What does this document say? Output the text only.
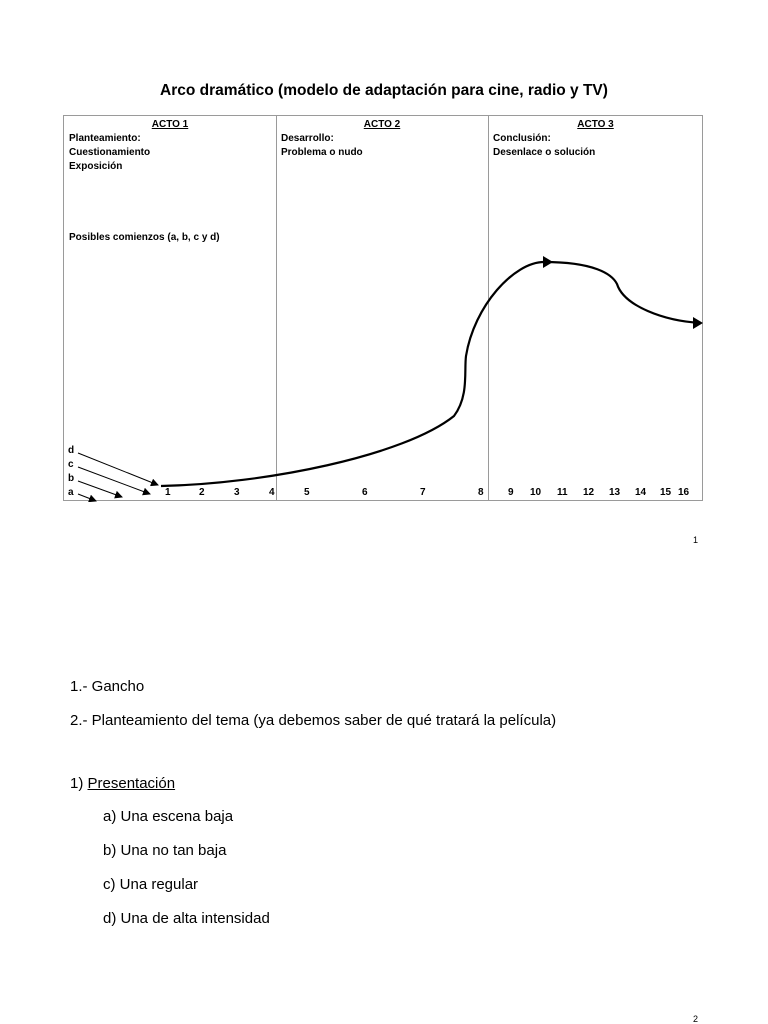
Arco dramático (modelo de adaptación para cine, radio y TV)
ACTO 1
Planteamiento:
Cuestionamiento
Exposición
ACTO 2
Desarrollo:
Problema o nudo
ACTO 3
Conclusión:
Desenlace o solución
Posibles comienzos (a, b, c y d)
d
c
b
a	1	2	3	4	5	6	7	8 9 10 11 12 13 14 15 16
1
1.- Gancho
2.- Planteamiento del tema (ya debemos saber de qué tratará la película)
1) Presentación
a) Una escena baja
b) Una no tan baja
c) Una regular
d) Una de alta intensidad
2
